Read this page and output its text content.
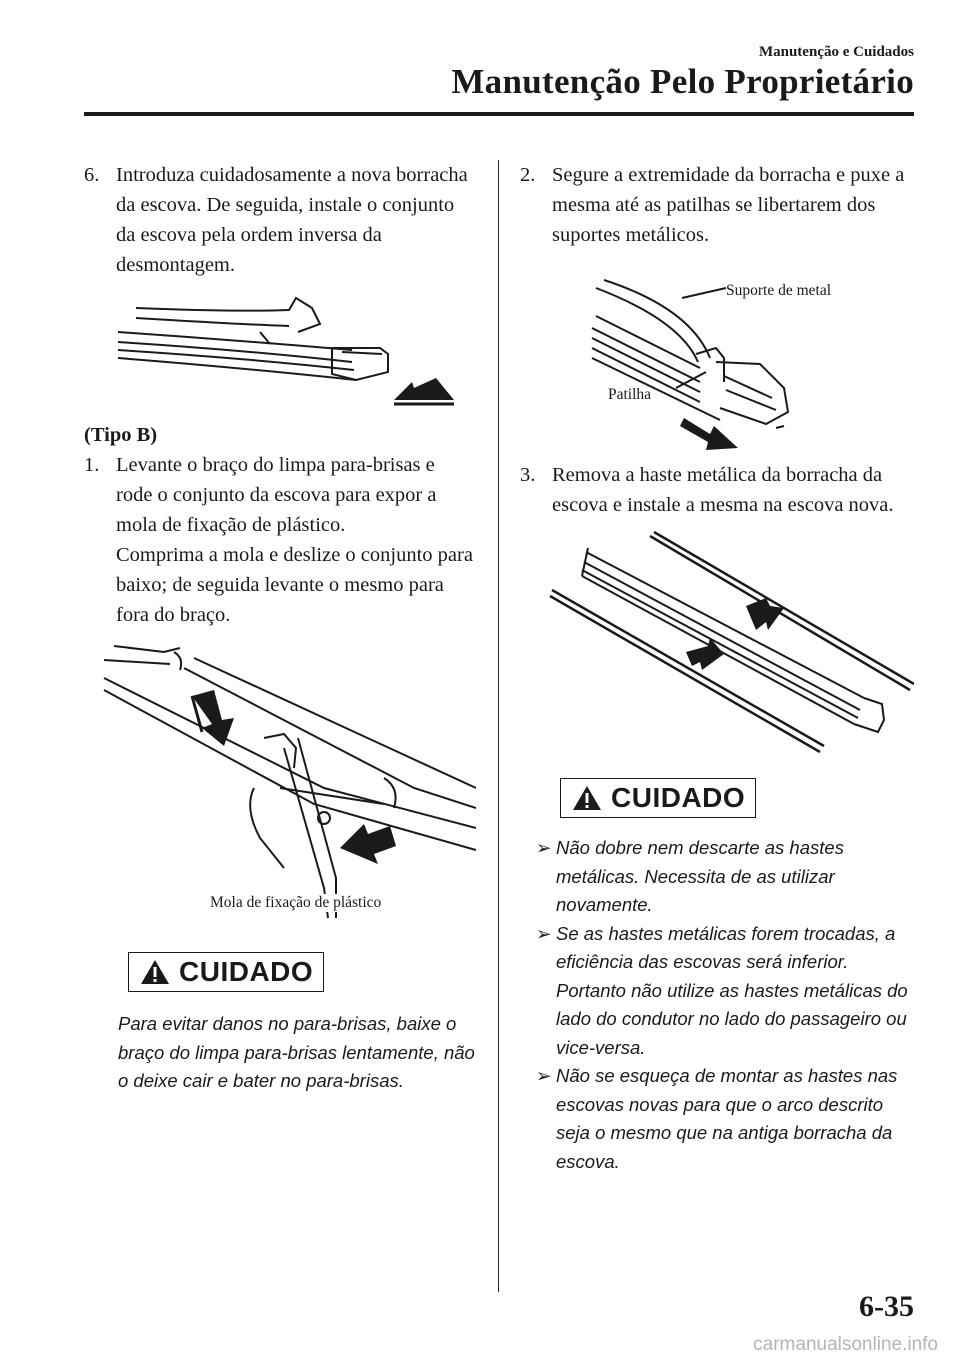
Manutenção e Cuidados
Manutenção Pelo Proprietário
6. Introduza cuidadosamente a nova borracha da escova. De seguida, instale o conjunto da escova pela ordem inversa da desmontagem.
(Tipo B)
1. Levante o braço do limpa para-brisas e rode o conjunto da escova para expor a mola de fixação de plástico.
Comprima a mola e deslize o conjunto para baixo; de seguida levante o mesmo para fora do braço.
Mola de fixação de plástico
CUIDADO
Para evitar danos no para-brisas, baixe o braço do limpa para-brisas lentamente, não o deixe cair e bater no para-brisas.
2. Segure a extremidade da borracha e puxe a mesma até as patilhas se libertarem dos suportes metálicos.
Suporte de metal
Patilha
3. Remova a haste metálica da borracha da escova e instale a mesma na escova nova.
CUIDADO
➢ Não dobre nem descarte as hastes metálicas. Necessita de as utilizar novamente.
➢ Se as hastes metálicas forem trocadas, a eficiência das escovas será inferior.
Portanto não utilize as hastes metálicas do lado do condutor no lado do passageiro ou vice-versa.
➢ Não se esqueça de montar as hastes nas escovas novas para que o arco descrito seja o mesmo que na antiga borracha da escova.
6-35
carmanualsonline.info
